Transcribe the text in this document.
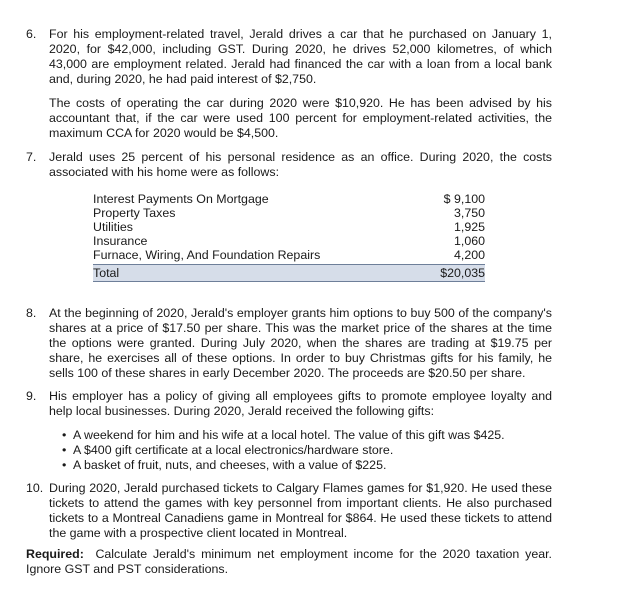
6. For his employment-related travel, Jerald drives a car that he purchased on January 1, 2020, for $42,000, including GST. During 2020, he drives 52,000 kilometres, of which 43,000 are employment related. Jerald had financed the car with a loan from a local bank and, during 2020, he had paid interest of $2,750.
The costs of operating the car during 2020 were $10,920. He has been advised by his accountant that, if the car were used 100 percent for employment-related activities, the maximum CCA for 2020 would be $4,500.
7. Jerald uses 25 percent of his personal residence as an office. During 2020, the costs associated with his home were as follows:
Interest Payments On Mortgage	$ 9,100
Property Taxes	3,750
Utilities	1,925
Insurance	1,060
Furnace, Wiring, And Foundation Repairs	4,200
Total	$20,035
8. At the beginning of 2020, Jerald's employer grants him options to buy 500 of the company's shares at a price of $17.50 per share. This was the market price of the shares at the time the options were granted. During July 2020, when the shares are trading at $19.75 per share, he exercises all of these options. In order to buy Christmas gifts for his family, he sells 100 of these shares in early December 2020. The proceeds are $20.50 per share.
9. His employer has a policy of giving all employees gifts to promote employee loyalty and help local businesses. During 2020, Jerald received the following gifts:
• A weekend for him and his wife at a local hotel. The value of this gift was $425.
• A $400 gift certificate at a local electronics/hardware store.
• A basket of fruit, nuts, and cheeses, with a value of $225.
10. During 2020, Jerald purchased tickets to Calgary Flames games for $1,920. He used these tickets to attend the games with key personnel from important clients. He also purchased tickets to a Montreal Canadiens game in Montreal for $864. He used these tickets to attend the game with a prospective client located in Montreal.
Required: Calculate Jerald's minimum net employment income for the 2020 taxation year. Ignore GST and PST considerations.
